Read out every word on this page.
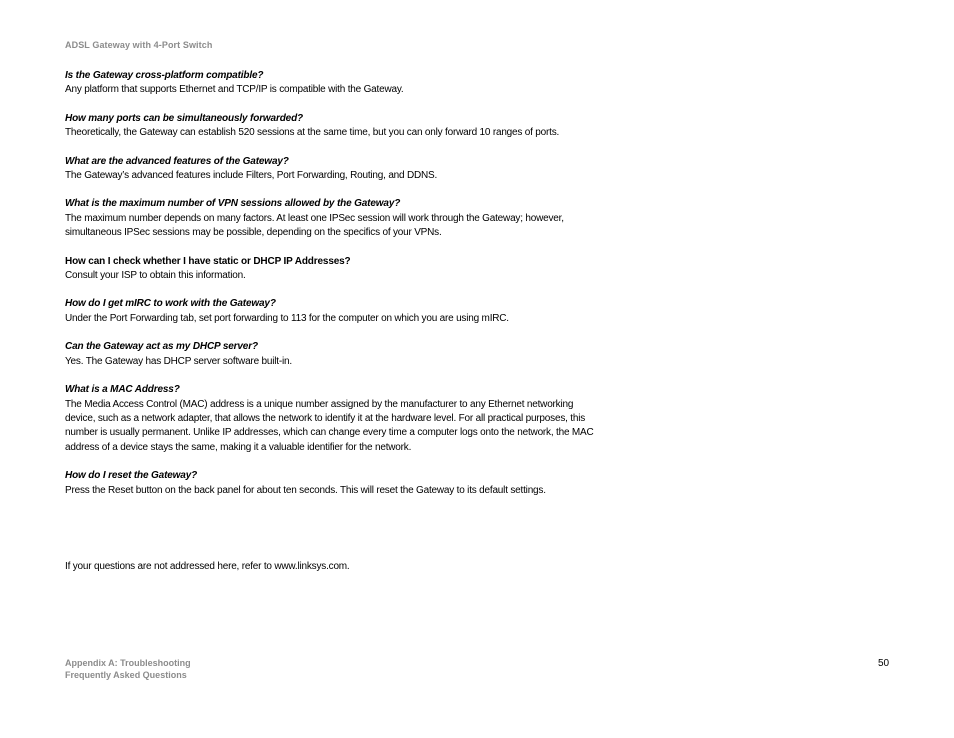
ADSL Gateway with 4-Port Switch

Is the Gateway cross-platform compatible?

Any platform that supports Ethernet and TCP/IP is compatible with the Gateway.

How many ports can be simultaneously forwarded?

Theoretically, the Gateway can establish 520 sessions at the same time, but you can only forward 10 ranges of ports.

What are the advanced features of the Gateway?

The Gateway’s advanced features include Filters, Port Forwarding, Routing, and DDNS.

What is the maximum number of VPN sessions allowed by the Gateway?

The maximum number depends on many factors. At least one IPSec session will work through the Gateway; however, simultaneous IPSec sessions may be possible, depending on the specifics of your VPNs.

How can I check whether I have static or DHCP IP Addresses?

Consult your ISP to obtain this information.

How do I get mIRC to work with the Gateway?

Under the Port Forwarding tab, set port forwarding to 113 for the computer on which you are using mIRC.

Can the Gateway act as my DHCP server?

Yes. The Gateway has DHCP server software built-in.

What is a MAC Address?

The Media Access Control (MAC) address is a unique number assigned by the manufacturer to any Ethernet networking device, such as a network adapter, that allows the network to identify it at the hardware level. For all practical purposes, this number is usually permanent. Unlike IP addresses, which can change every time a computer logs onto the network, the MAC address of a device stays the same, making it a valuable identifier for the network.

How do I reset the Gateway?

Press the Reset button on the back panel for about ten seconds. This will reset the Gateway to its default settings.

If your questions are not addressed here, refer to www.linksys.com.
Appendix A: Troubleshooting
Frequently Asked Questions
50
